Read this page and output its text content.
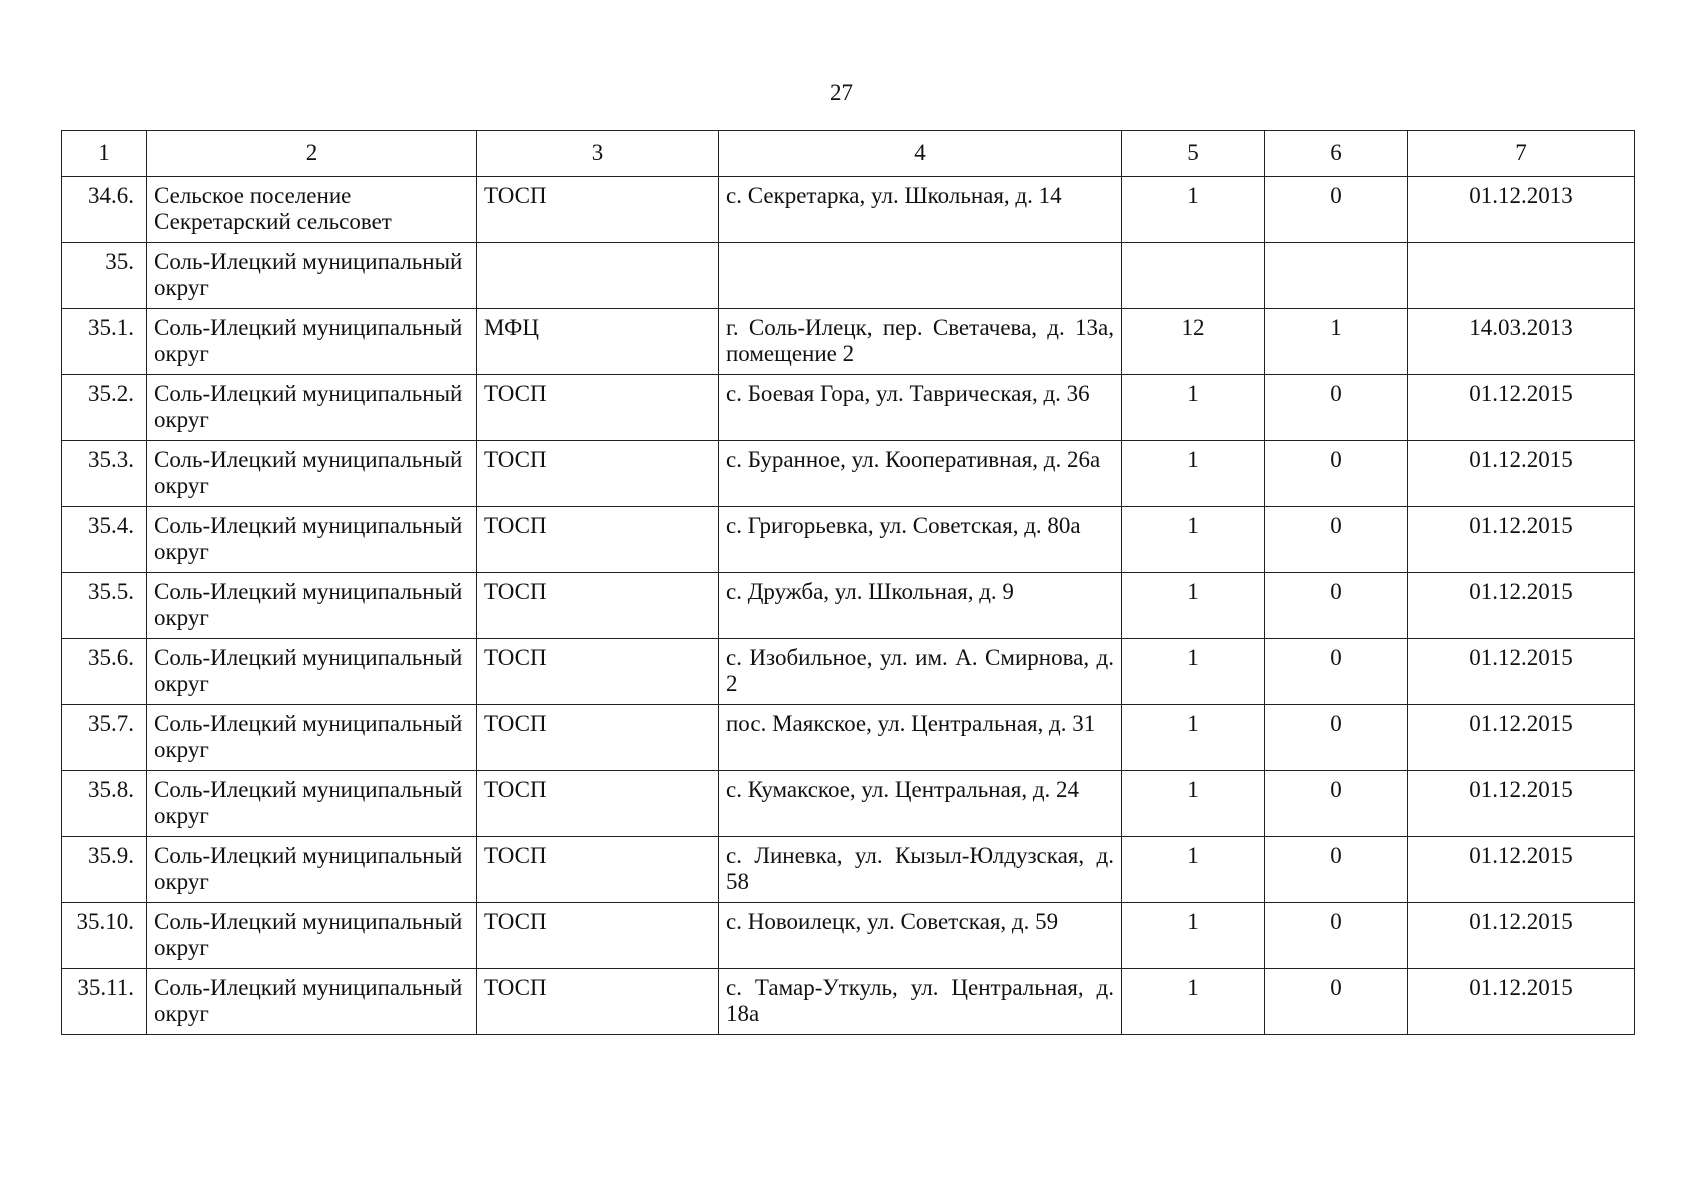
27
1	2	3	4	5	6	7
34.6.	Сельское поселение Секретарский сельсовет	ТОСП	с. Секретарка, ул. Школьная, д. 14	1	0	01.12.2013
35.	Соль-Илецкий муниципальный округ					
35.1.	Соль-Илецкий муниципальный округ	МФЦ	г. Соль-Илецк, пер. Светачева, д. 13а, помещение 2	12	1	14.03.2013
35.2.	Соль-Илецкий муниципальный округ	ТОСП	с. Боевая Гора, ул. Таврическая, д. 36	1	0	01.12.2015
35.3.	Соль-Илецкий муниципальный округ	ТОСП	с. Буранное, ул. Кооперативная, д. 26а	1	0	01.12.2015
35.4.	Соль-Илецкий муниципальный округ	ТОСП	с. Григорьевка, ул. Советская, д. 80а	1	0	01.12.2015
35.5.	Соль-Илецкий муниципальный округ	ТОСП	с. Дружба, ул. Школьная, д. 9	1	0	01.12.2015
35.6.	Соль-Илецкий муниципальный округ	ТОСП	с. Изобильное, ул. им. А. Смирнова, д. 2	1	0	01.12.2015
35.7.	Соль-Илецкий муниципальный округ	ТОСП	пос. Маякское, ул. Центральная, д. 31	1	0	01.12.2015
35.8.	Соль-Илецкий муниципальный округ	ТОСП	с. Кумакское, ул. Центральная, д. 24	1	0	01.12.2015
35.9.	Соль-Илецкий муниципальный округ	ТОСП	с. Линевка, ул. Кызыл-Юлдузская, д. 58	1	0	01.12.2015
35.10.	Соль-Илецкий муниципальный округ	ТОСП	с. Новоилецк, ул. Советская, д. 59	1	0	01.12.2015
35.11.	Соль-Илецкий муниципальный округ	ТОСП	с. Тамар-Уткуль, ул. Центральная, д. 18а	1	0	01.12.2015
